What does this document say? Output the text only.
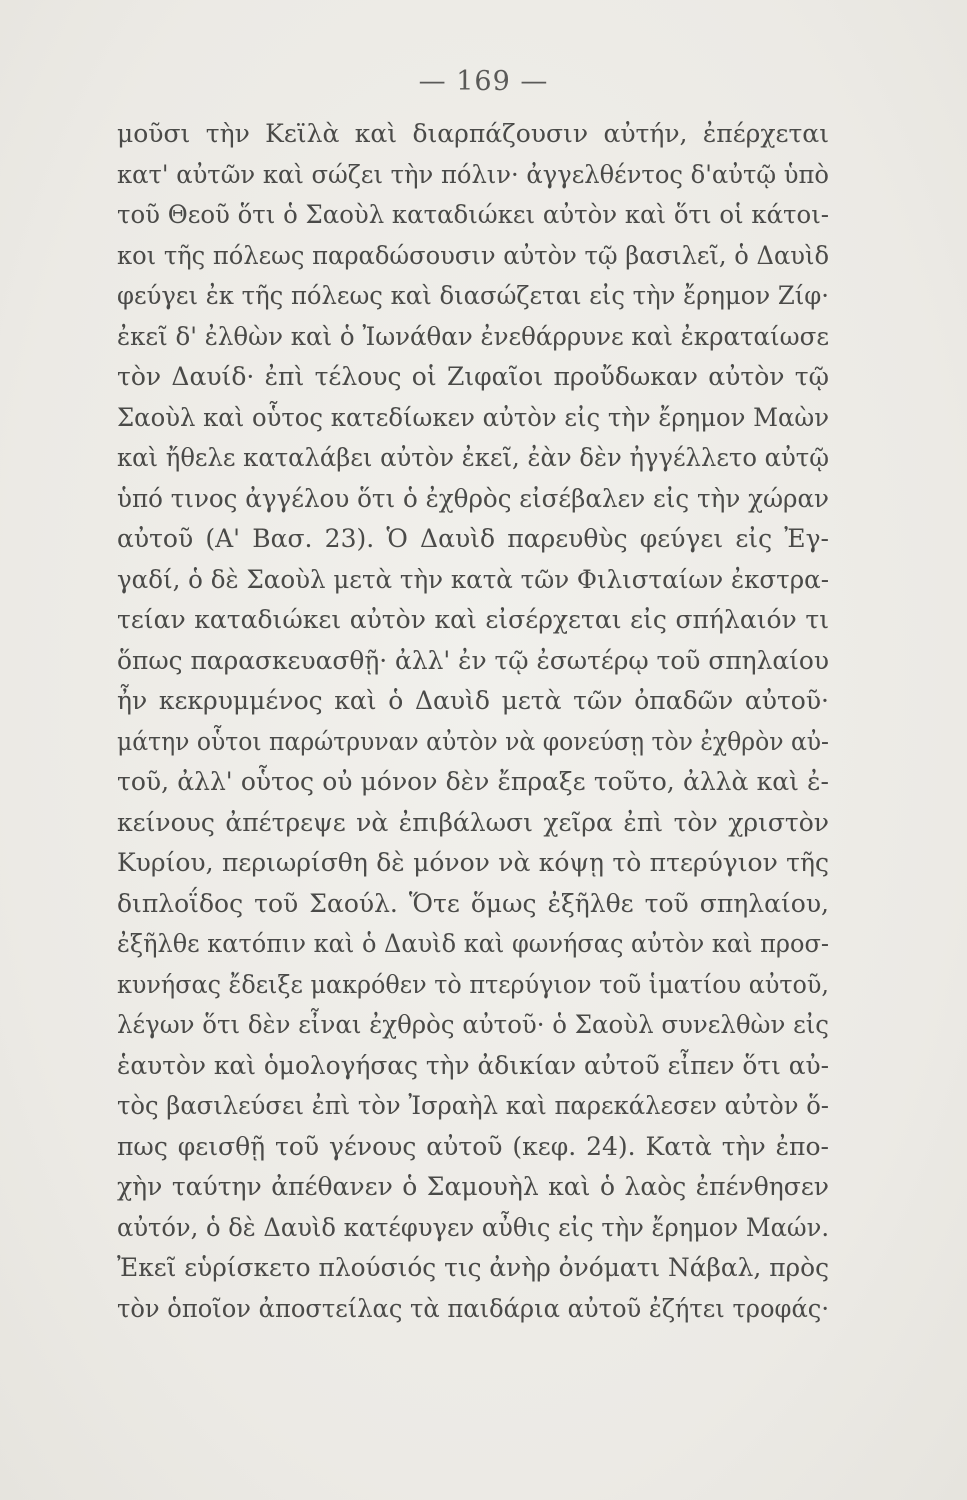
— 169 —
μοῦσι τὴν Κεϊλὰ καὶ διαρπάζουσιν αὐτήν, ἐπέρχεται
κατ' αὐτῶν καὶ σώζει τὴν πόλιν· ἀγγελθέντος δ'αὐτῷ ὑπὸ
τοῦ Θεοῦ ὅτι ὁ Σαοὺλ καταδιώκει αὐτὸν καὶ ὅτι οἱ κάτοι-
κοι τῆς πόλεως παραδώσουσιν αὐτὸν τῷ βασιλεῖ, ὁ Δαυὶδ
φεύγει ἐκ τῆς πόλεως καὶ διασώζεται εἰς τὴν ἔρημον Ζίφ·
ἐκεῖ δ' ἐλθὼν καὶ ὁ Ἰωνάθαν ἐνεθάρρυνε καὶ ἐκραταίωσε
τὸν Δαυίδ· ἐπὶ τέλους οἱ Ζιφαῖοι προὔδωκαν αὐτὸν τῷ
Σαοὺλ καὶ οὗτος κατεδίωκεν αὐτὸν εἰς τὴν ἔρημον Μαὼν
καὶ ἤθελε καταλάβει αὐτὸν ἐκεῖ, ἐὰν δὲν ἠγγέλλετο αὐτῷ
ὑπό τινος ἀγγέλου ὅτι ὁ ἐχθρὸς εἰσέβαλεν εἰς τὴν χώραν
αὐτοῦ (Α' Βασ. 23). Ὁ Δαυὶδ παρευθὺς φεύγει εἰς Ἐγ-
γαδί, ὁ δὲ Σαοὺλ μετὰ τὴν κατὰ τῶν Φιλισταίων ἐκστρα-
τείαν καταδιώκει αὐτὸν καὶ εἰσέρχεται εἰς σπήλαιόν τι
ὅπως παρασκευασθῇ· ἀλλ' ἐν τῷ ἐσωτέρῳ τοῦ σπηλαίου
ἦν κεκρυμμένος καὶ ὁ Δαυὶδ μετὰ τῶν ὀπαδῶν αὐτοῦ·
μάτην οὗτοι παρώτρυναν αὐτὸν νὰ φονεύσῃ τὸν ἐχθρὸν αὐ-
τοῦ, ἀλλ' οὗτος οὐ μόνον δὲν ἔπραξε τοῦτο, ἀλλὰ καὶ ἐ-
κείνους ἀπέτρεψε νὰ ἐπιβάλωσι χεῖρα ἐπὶ τὸν χριστὸν
Κυρίου, περιωρίσθη δὲ μόνον νὰ κόψῃ τὸ πτερύγιον τῆς
διπλοΐδος τοῦ Σαούλ. Ὅτε ὅμως ἐξῆλθε τοῦ σπηλαίου,
ἐξῆλθε κατόπιν καὶ ὁ Δαυὶδ καὶ φωνήσας αὐτὸν καὶ προσ-
κυνήσας ἔδειξε μακρόθεν τὸ πτερύγιον τοῦ ἱματίου αὐτοῦ,
λέγων ὅτι δὲν εἶναι ἐχθρὸς αὐτοῦ· ὁ Σαοὺλ συνελθὼν εἰς
ἑαυτὸν καὶ ὁμολογήσας τὴν ἀδικίαν αὐτοῦ εἶπεν ὅτι αὐ-
τὸς βασιλεύσει ἐπὶ τὸν Ἰσραὴλ καὶ παρεκάλεσεν αὐτὸν ὅ-
πως φεισθῇ τοῦ γένους αὐτοῦ (κεφ. 24). Κατὰ τὴν ἐπο-
χὴν ταύτην ἀπέθανεν ὁ Σαμουὴλ καὶ ὁ λαὸς ἐπένθησεν
αὐτόν, ὁ δὲ Δαυὶδ κατέφυγεν αὖθις εἰς τὴν ἔρημον Μαών.
Ἐκεῖ εὑρίσκετο πλούσιός τις ἀνὴρ ὀνόματι Νάβαλ, πρὸς
τὸν ὁποῖον ἀποστείλας τὰ παιδάρια αὐτοῦ ἐζήτει τροφάς·
